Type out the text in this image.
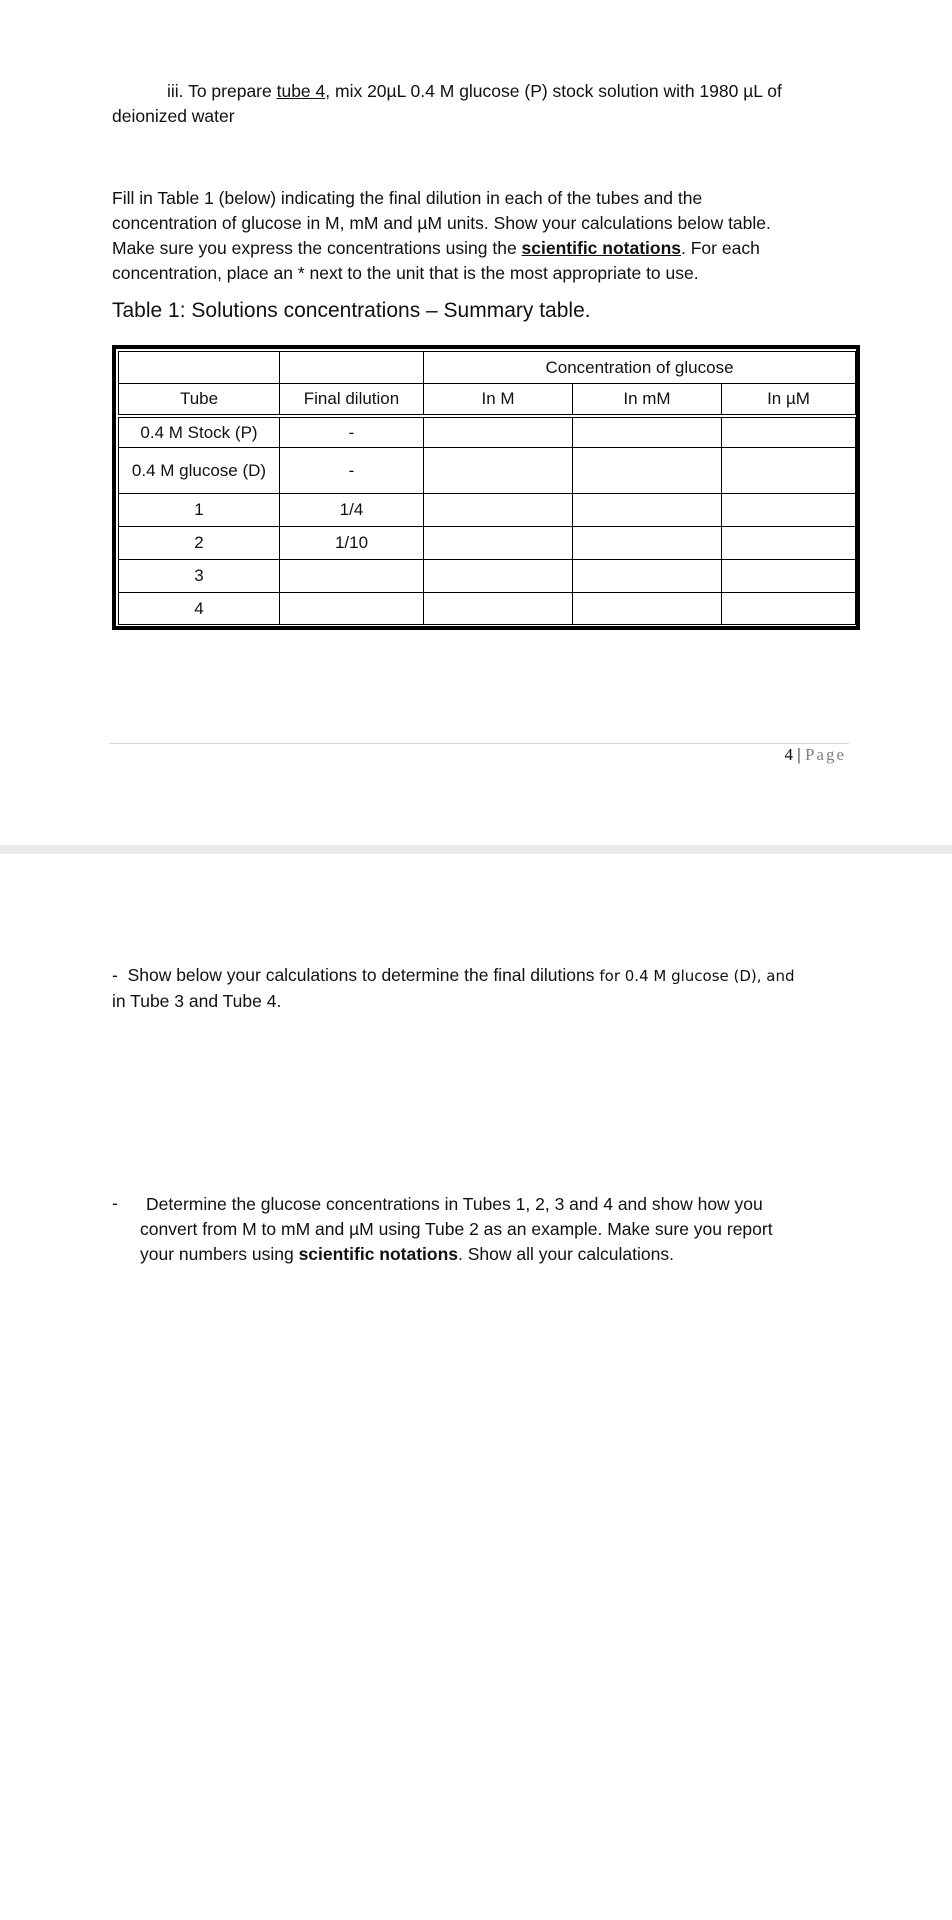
iii. To prepare tube 4, mix 20µL 0.4 M glucose (P) stock solution with 1980 µL of
deionized water
Fill in Table 1 (below) indicating the final dilution in each of the tubes and the
concentration of glucose in M, mM and µM units. Show your calculations below table.
Make sure you express the concentrations using the scientific notations. For each
concentration, place an * next to the unit that is the most appropriate to use.
Table 1: Solutions concentrations – Summary table.
		Concentration of glucose		
Tube	Final dilution	In M	In mM	In µM
0.4 M Stock (P)	-			
0.4 M glucose (D)	-			
1	1/4			
2	1/10			
3				
4				
4 | Page
- Show below your calculations to determine the final dilutions for 0.4 M glucose (D), and
in Tube 3 and Tube 4.
-	Determine the glucose concentrations in Tubes 1, 2, 3 and 4 and show how you
convert from M to mM and µM using Tube 2 as an example. Make sure you report
your numbers using scientific notations. Show all your calculations.
